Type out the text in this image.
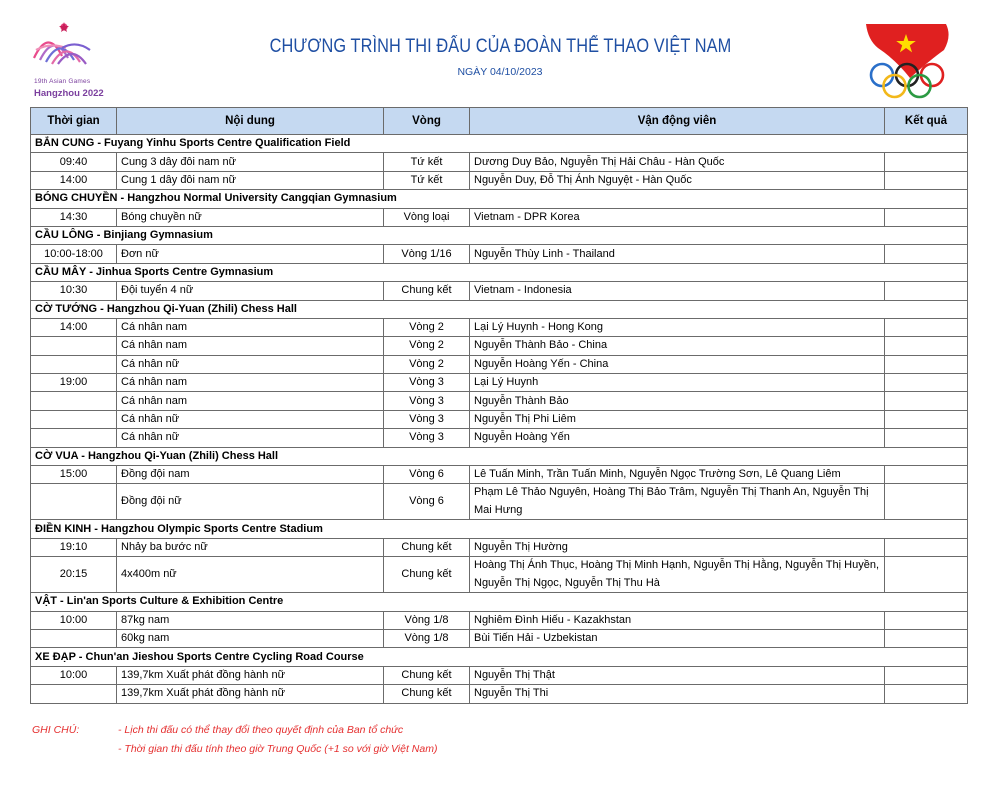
19th Asian Games
Hangzhou 2022
CHƯƠNG TRÌNH THI ĐẤU CỦA ĐOÀN THỂ THAO VIỆT NAM
NGÀY 04/10/2023
Thời gian	Nội dung	Vòng	Vận động viên	Kết quả
BẮN CUNG - Fuyang Yinhu Sports Centre Qualification Field				
09:40	Cung 3 dây đôi nam nữ	Tứ kết	Dương Duy Bảo, Nguyễn Thị Hải Châu - Hàn Quốc	
14:00	Cung 1 dây đôi nam nữ	Tứ kết	Nguyễn Duy, Đỗ Thị Ánh Nguyệt - Hàn Quốc	
BÓNG CHUYỀN - Hangzhou Normal University Cangqian Gymnasium				
14:30	Bóng chuyền nữ	Vòng loại	Vietnam - DPR Korea	
CẦU LÔNG - Binjiang Gymnasium				
10:00-18:00	Đơn nữ	Vòng 1/16	Nguyễn Thùy Linh - Thailand	
CẦU MÂY - Jinhua Sports Centre Gymnasium				
10:30	Đội tuyển 4 nữ	Chung kết	Vietnam - Indonesia	
CỜ TƯỚNG - Hangzhou Qi-Yuan (Zhili) Chess Hall				
14:00	Cá nhân nam	Vòng 2	Lại Lý Huynh - Hong Kong	
	Cá nhân nam	Vòng 2	Nguyễn Thành Bảo - China	
	Cá nhân nữ	Vòng 2	Nguyễn Hoàng Yến - China	
19:00	Cá nhân nam	Vòng 3	Lại Lý Huynh	
	Cá nhân nam	Vòng 3	Nguyễn Thành Bảo	
	Cá nhân nữ	Vòng 3	Nguyễn Thị Phi Liêm	
	Cá nhân nữ	Vòng 3	Nguyễn Hoàng Yến	
CỜ VUA - Hangzhou Qi-Yuan (Zhili) Chess Hall				
15:00	Đồng đội nam	Vòng 6	Lê Tuấn Minh, Trần Tuấn Minh, Nguyễn Ngọc Trường Sơn, Lê Quang Liêm	
	Đồng đội nữ	Vòng 6	Phạm Lê Thảo Nguyên, Hoàng Thị Bảo Trâm, Nguyễn Thị Thanh An, Nguyễn Thị Mai Hưng	
ĐIỀN KINH - Hangzhou Olympic Sports Centre Stadium				
19:10	Nhảy ba bước nữ	Chung kết	Nguyễn Thị Hường	
20:15	4x400m nữ	Chung kết	Hoàng Thị Ánh Thục, Hoàng Thị Minh Hạnh, Nguyễn Thị Hằng, Nguyễn Thị Huyền, Nguyễn Thị Ngọc, Nguyễn Thị Thu Hà	
VẬT - Lin'an Sports Culture & Exhibition Centre				
10:00	87kg nam	Vòng 1/8	Nghiêm Đình Hiếu - Kazakhstan	
	60kg nam	Vòng 1/8	Bùi Tiến Hải - Uzbekistan	
XE ĐẠP - Chun'an Jieshou Sports Centre Cycling Road Course				
10:00	139,7km Xuất phát đồng hành nữ	Chung kết	Nguyễn Thị Thật	
	139,7km Xuất phát đồng hành nữ	Chung kết	Nguyễn Thị Thi	
GHI CHÚ:	- Lịch thi đấu có thể thay đổi theo quyết định của Ban tổ chức
- Thời gian thi đấu tính theo giờ Trung Quốc (+1 so với giờ Việt Nam)
